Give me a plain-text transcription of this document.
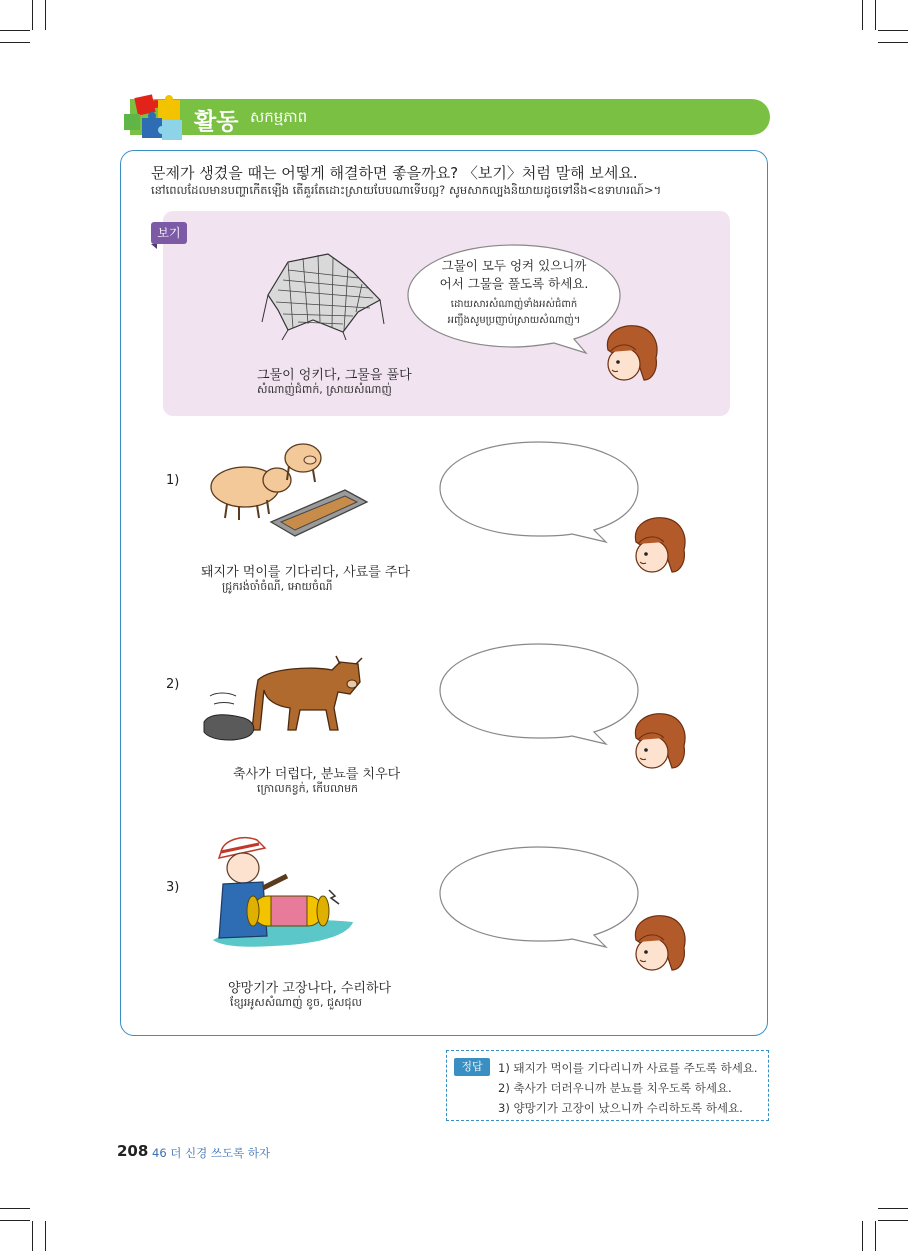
활동 សកម្មភាព
문제가 생겼을 때는 어떻게 해결하면 좋을까요? 〈보기〉처럼 말해 보세요.
នៅពេលដែលមានបញ្ហាកើតឡើង តើគួរតែដោះស្រាយបែបណាទើបល្អ? សូមសាកល្បងនិយាយដូចទៅនឹង<ឧទាហរណ៍>។
보기
그물이 엉키다, 그물을 풀다
សំណាញ់ជំពាក់, ស្រាយសំណាញ់
그물이 모두 엉켜 있으니까
어서 그물을 풀도록 하세요.
ដោយសារសំណាញ់ទាំងអស់ជំពាក់
អញ្ជឹងសូមប្រញាប់ស្រាយសំណាញ់។
1)
돼지가 먹이를 기다리다, 사료를 주다
ជ្រូករង់ចាំចំណី, អោយចំណី
2)
축사가 더럽다, 분뇨를 치우다
ក្រោលកខ្វក់, កើបលាមក
3)
양망기가 고장나다, 수리하다
ខ្សែរអូសសំណាញ់ ខូច, ជួសជុល
정답	1) 돼지가 먹이를 기다리니까 사료를 주도록 하세요.
2) 축사가 더러우니까 분뇨를 치우도록 하세요.
3) 양망기가 고장이 났으니까 수리하도록 하세요.
208 46 더 신경 쓰도록 하자
